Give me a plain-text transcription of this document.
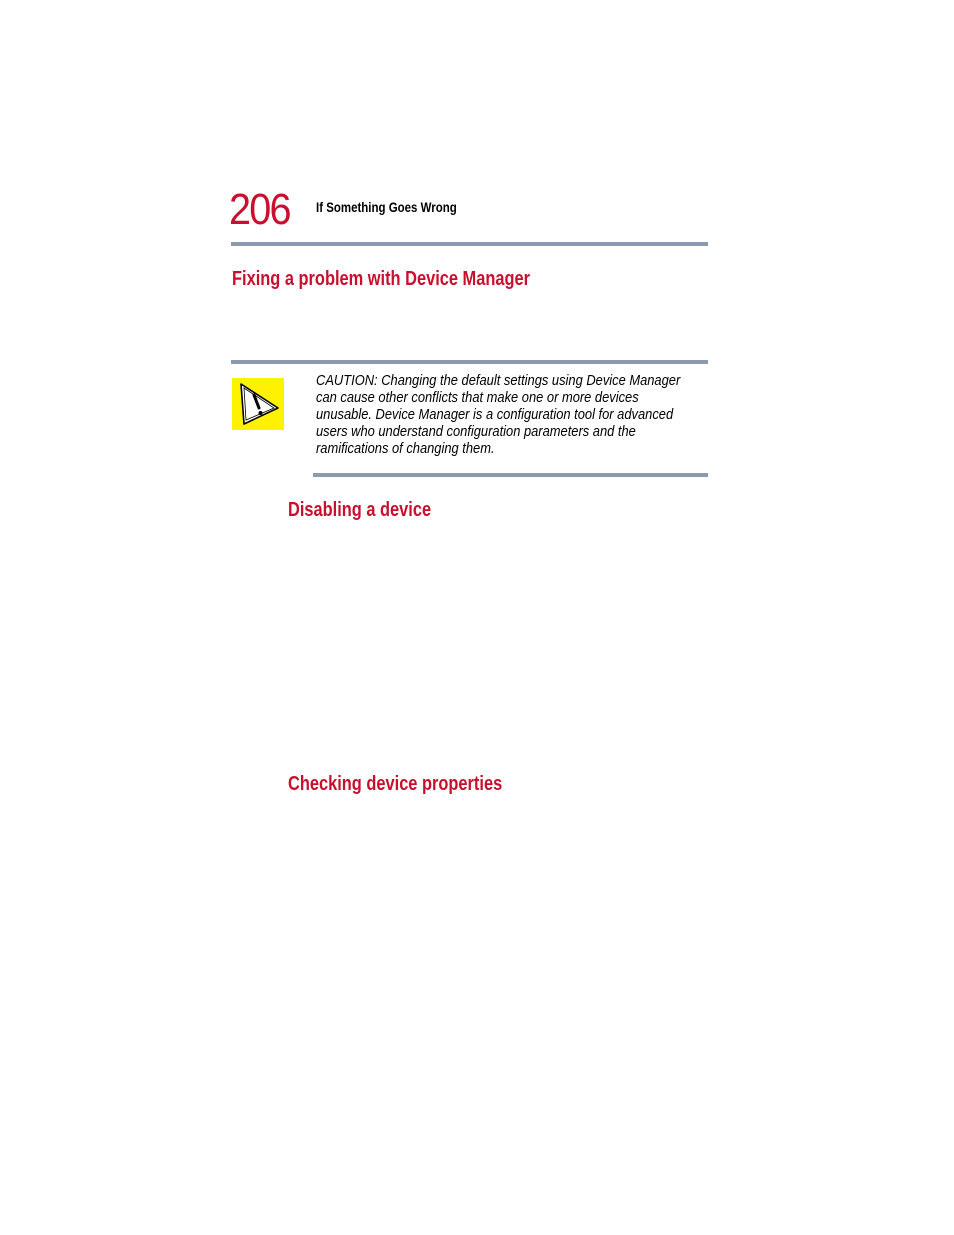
206 If Something Goes Wrong
Fixing a problem with Device Manager
CAUTION: Changing the default settings using Device Manager can cause other conflicts that make one or more devices unusable. Device Manager is a configuration tool for advanced users who understand configuration parameters and the ramifications of changing them.
Disabling a device
Checking device properties
